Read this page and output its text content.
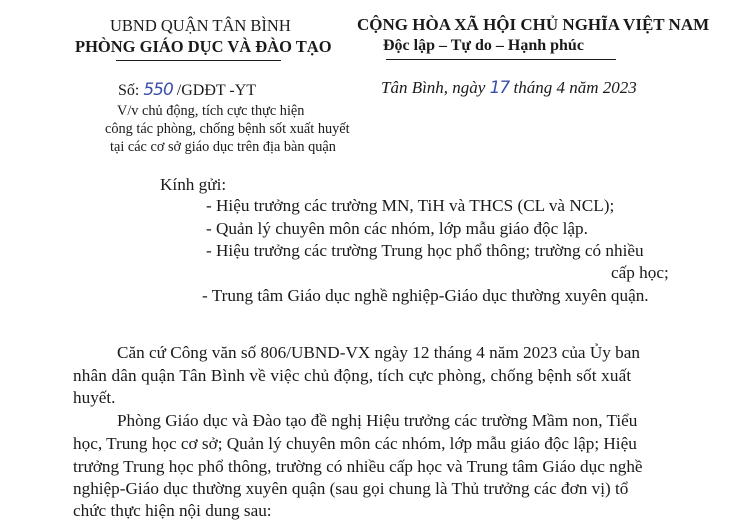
UBND QUẬN TÂN BÌNH
PHÒNG GIÁO DỤC VÀ ĐÀO TẠO
CỘNG HÒA XÃ HỘI CHỦ NGHĨA VIỆT NAM
Độc lập – Tự do – Hạnh phúc
Số: 550 /GDĐT -YT	Tân Bình, ngày 17 tháng 4 năm 2023
V/v chủ động, tích cực thực hiện
công tác phòng, chống bệnh sốt xuất huyết
tại các cơ sở giáo dục trên địa bàn quận
Kính gửi:
- Hiệu trưởng các trường MN, TiH và THCS (CL và NCL);
- Quản lý chuyên môn các nhóm, lớp mẫu giáo độc lập.
- Hiệu trưởng các trường Trung học phổ thông; trường có nhiều
cấp học;
- Trung tâm Giáo dục nghề nghiệp-Giáo dục thường xuyên quận.
Căn cứ Công văn số 806/UBND-VX ngày 12 tháng 4 năm 2023 của Ủy ban
nhân dân quận Tân Bình về việc chủ động, tích cực phòng, chống bệnh sốt xuất
huyết.
Phòng Giáo dục và Đào tạo đề nghị Hiệu trưởng các trường Mầm non, Tiểu
học, Trung học cơ sở; Quản lý chuyên môn các nhóm, lớp mẫu giáo độc lập; Hiệu
trưởng Trung học phổ thông, trường có nhiều cấp học và Trung tâm Giáo dục nghề
nghiệp-Giáo dục thường xuyên quận (sau gọi chung là Thủ trưởng các đơn vị) tổ
chức thực hiện nội dung sau:
